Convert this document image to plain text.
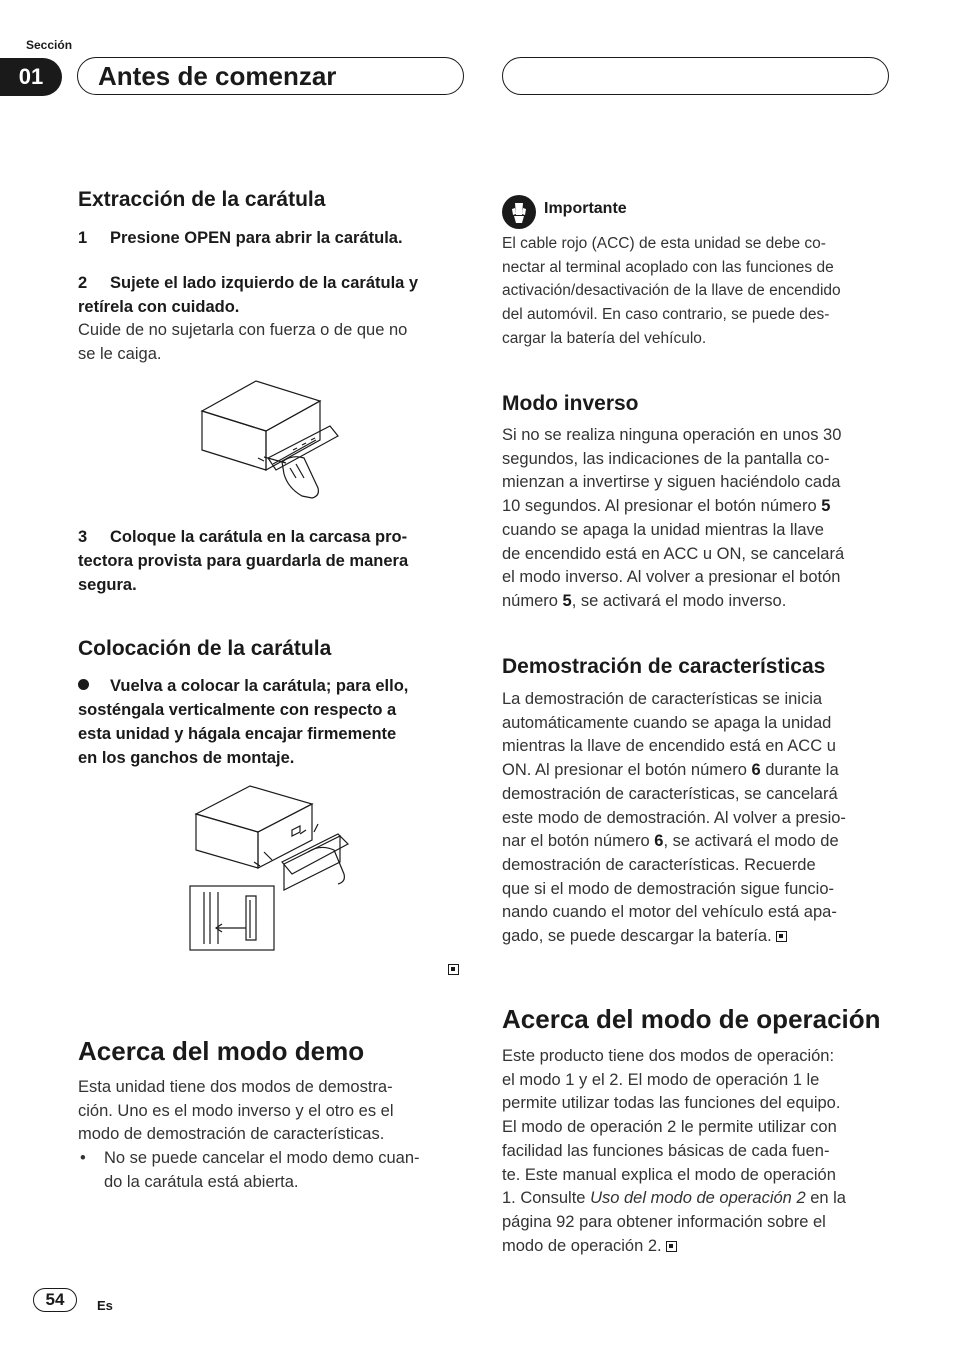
Sección
01	Antes de comenzar
Extracción de la carátula
1 Presione OPEN para abrir la carátula.
2 Sujete el lado izquierdo de la carátula y
retírela con cuidado.
Cuide de no sujetarla con fuerza o de que no
se le caiga.
3 Coloque la carátula en la carcasa pro-
tectora provista para guardarla de manera
segura.
Colocación de la carátula
Vuelva a colocar la carátula; para ello,
sosténgala verticalmente con respecto a
esta unidad y hágala encajar firmemente
en los ganchos de montaje.
Acerca del modo demo
Esta unidad tiene dos modos de demostra-
ción. Uno es el modo inverso y el otro es el
modo de demostración de características.
• No se puede cancelar el modo demo cuan-
do la carátula está abierta.
Importante
El cable rojo (ACC) de esta unidad se debe co-
nectar al terminal acoplado con las funciones de
activación/desactivación de la llave de encendido
del automóvil. En caso contrario, se puede des-
cargar la batería del vehículo.
Modo inverso
Si no se realiza ninguna operación en unos 30
segundos, las indicaciones de la pantalla co-
mienzan a invertirse y siguen haciéndolo cada
10 segundos. Al presionar el botón número 5
cuando se apaga la unidad mientras la llave
de encendido está en ACC u ON, se cancelará
el modo inverso. Al volver a presionar el botón
número 5, se activará el modo inverso.
Demostración de características
La demostración de características se inicia
automáticamente cuando se apaga la unidad
mientras la llave de encendido está en ACC u
ON. Al presionar el botón número 6 durante la
demostración de características, se cancelará
este modo de demostración. Al volver a presio-
nar el botón número 6, se activará el modo de
demostración de características. Recuerde
que si el modo de demostración sigue funcio-
nando cuando el motor del vehículo está apa-
gado, se puede descargar la batería.
Acerca del modo de operación
Este producto tiene dos modos de operación:
el modo 1 y el 2. El modo de operación 1 le
permite utilizar todas las funciones del equipo.
El modo de operación 2 le permite utilizar con
facilidad las funciones básicas de cada fuen-
te. Este manual explica el modo de operación
1. Consulte Uso del modo de operación 2 en la
página 92 para obtener información sobre el
modo de operación 2.
54	Es
